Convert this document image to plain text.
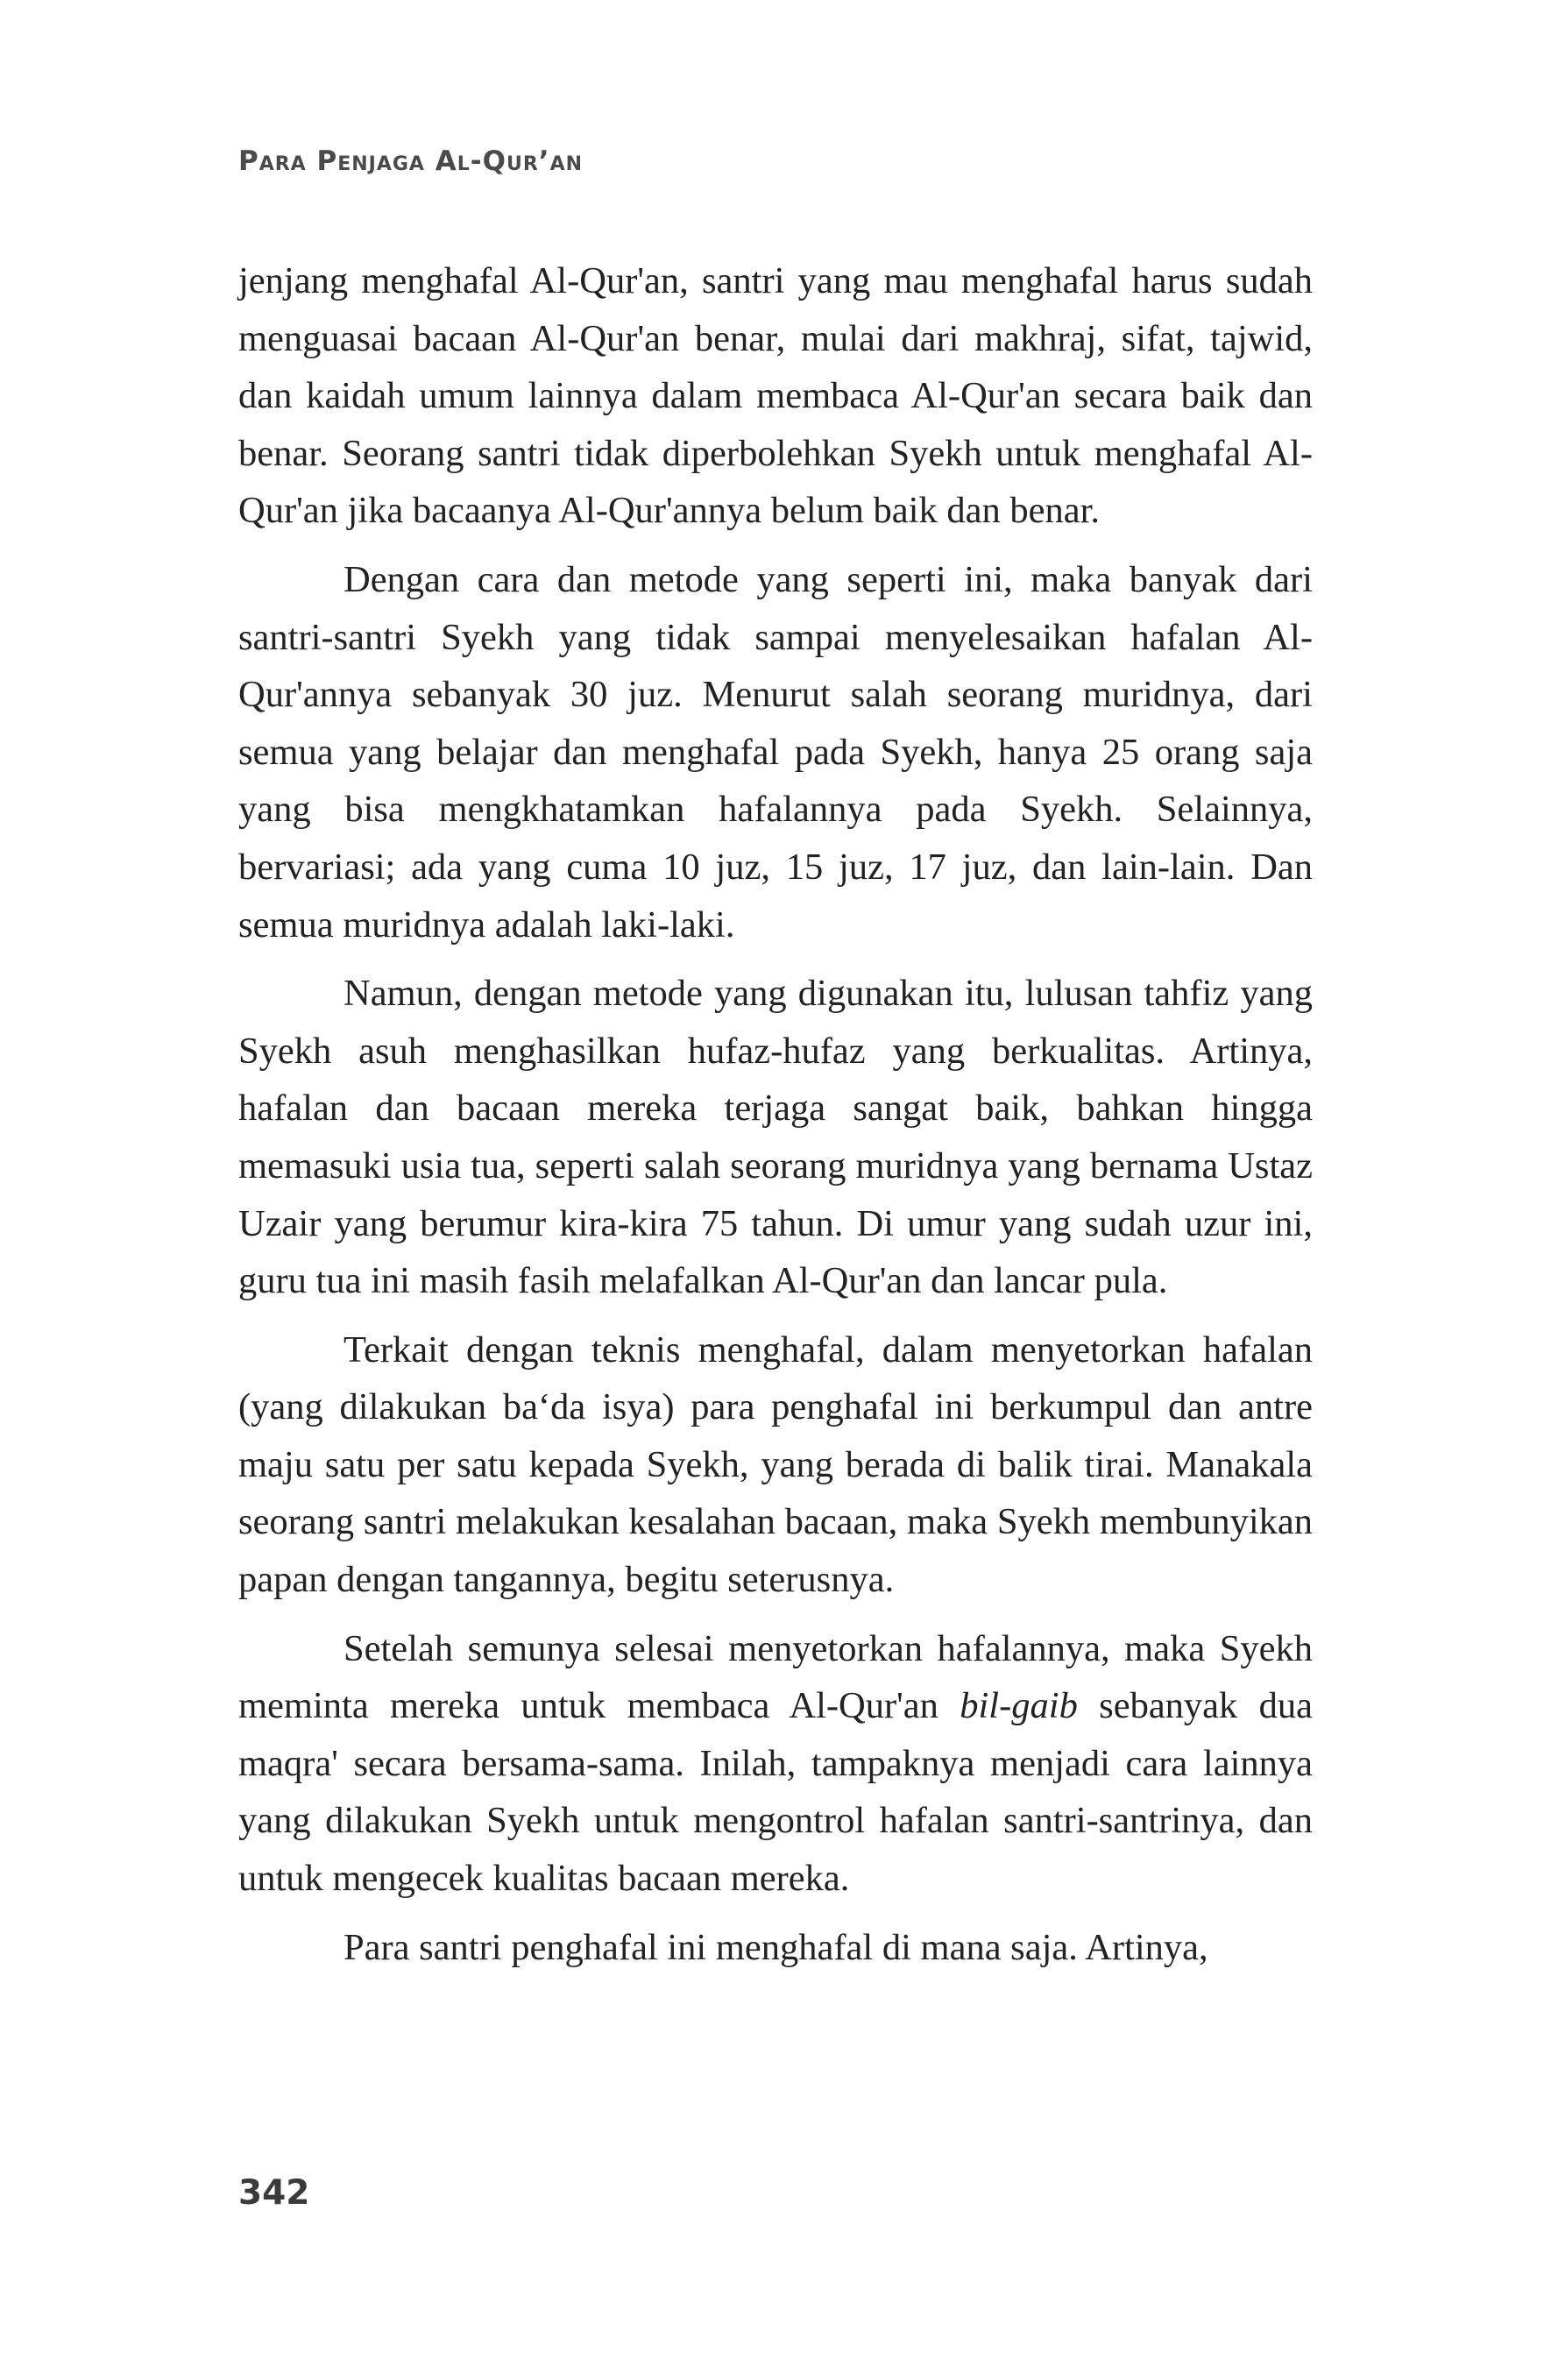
Para Penjaga Al-Qur’an

jenjang menghafal Al-Qur'an, santri yang mau menghafal harus sudah menguasai bacaan Al-Qur'an benar, mulai dari makhraj, sifat, tajwid, dan kaidah umum lainnya dalam membaca Al-Qur'an secara baik dan benar. Seorang santri tidak diperbolehkan Syekh untuk menghafal Al-Qur'an jika bacaanya Al-Qur'annya belum baik dan benar.

Dengan cara dan metode yang seperti ini, maka banyak dari santri-santri Syekh yang tidak sampai menyelesaikan hafalan Al-Qur'annya sebanyak 30 juz. Menurut salah seorang muridnya, dari semua yang belajar dan menghafal pada Syekh, hanya 25 orang saja yang bisa mengkhatamkan hafalannya pada Syekh. Selainnya, bervariasi; ada yang cuma 10 juz, 15 juz, 17 juz, dan lain-lain. Dan semua muridnya adalah laki-laki.

Namun, dengan metode yang digunakan itu, lulusan tahfiz yang Syekh asuh menghasilkan hufaz-hufaz yang berkualitas. Artinya, hafalan dan bacaan mereka terjaga sangat baik, bahkan hingga memasuki usia tua, seperti salah seorang muridnya yang bernama Ustaz Uzair yang berumur kira-kira 75 tahun. Di umur yang sudah uzur ini, guru tua ini masih fasih melafalkan Al-Qur'an dan lancar pula.

Terkait dengan teknis menghafal, dalam menyetorkan hafalan (yang dilakukan ba‘da isya) para penghafal ini berkumpul dan antre maju satu per satu kepada Syekh, yang berada di balik tirai. Manakala seorang santri melakukan kesalahan bacaan, maka Syekh membunyikan papan dengan tangannya, begitu seterusnya.

Setelah semunya selesai menyetorkan hafalannya, maka Syekh meminta mereka untuk membaca Al-Qur'an bil-gaib sebanyak dua maqra' secara bersama-sama. Inilah, tampaknya menjadi cara lainnya yang dilakukan Syekh untuk mengontrol hafalan santri-santrinya, dan untuk mengecek kualitas bacaan mereka.

Para santri penghafal ini menghafal di mana saja. Artinya,

342
